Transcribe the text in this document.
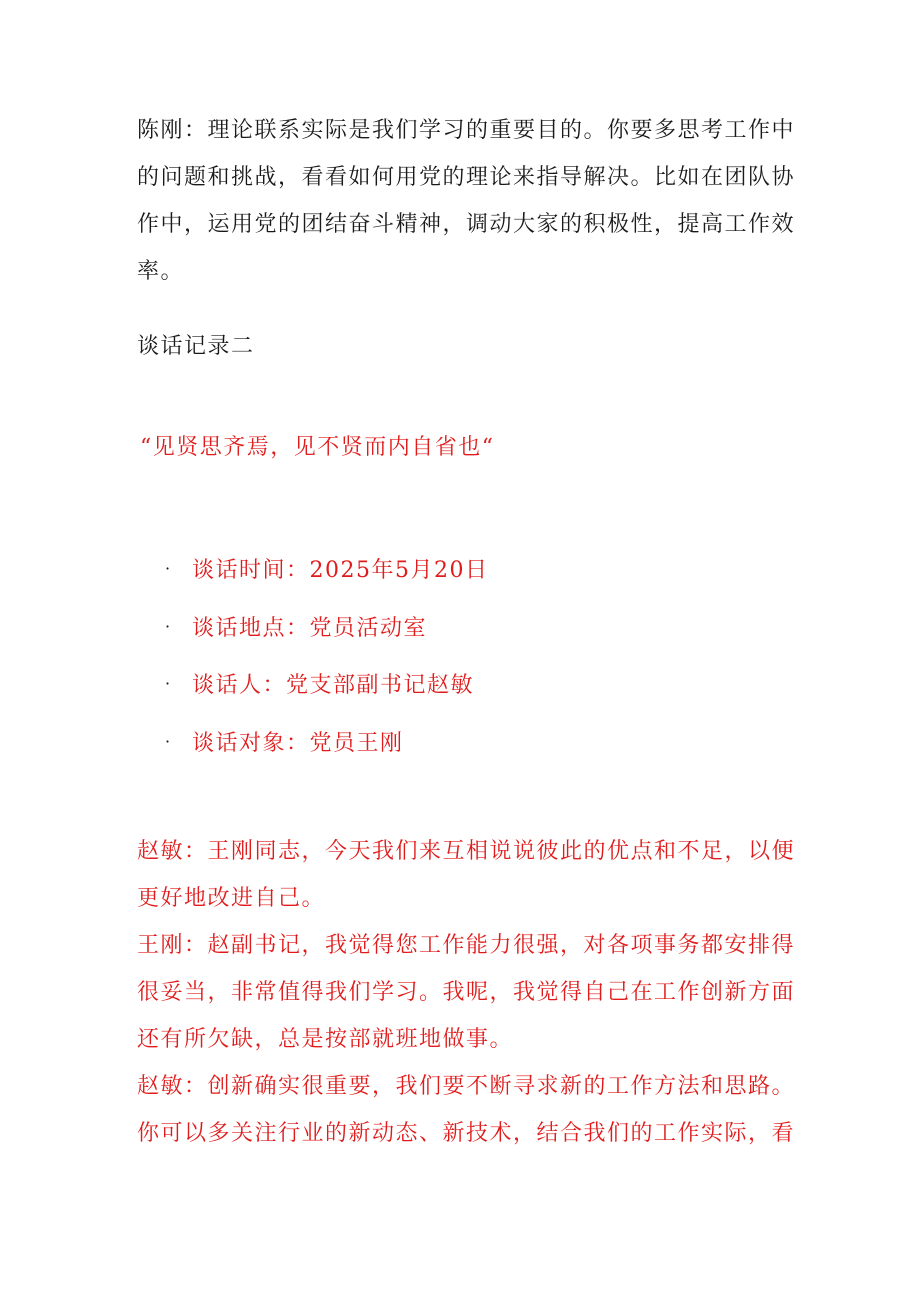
陈刚：理论联系实际是我们学习的重要目的。你要多思考工作中的问题和挑战，看看如何用党的理论来指导解决。比如在团队协作中，运用党的团结奋斗精神，调动大家的积极性，提高工作效率。

谈话记录二

“见贤思齐焉，见不贤而内自省也“

· 谈话时间：2025年5月20日
· 谈话地点：党员活动室
· 谈话人：党支部副书记赵敏
· 谈话对象：党员王刚

赵敏：王刚同志，今天我们来互相说说彼此的优点和不足，以便更好地改进自己。

王刚：赵副书记，我觉得您工作能力很强，对各项事务都安排得很妥当，非常值得我们学习。我呢，我觉得自己在工作创新方面还有所欠缺，总是按部就班地做事。

赵敏：创新确实很重要，我们要不断寻求新的工作方法和思路。你可以多关注行业的新动态、新技术，结合我们的工作实际，看
